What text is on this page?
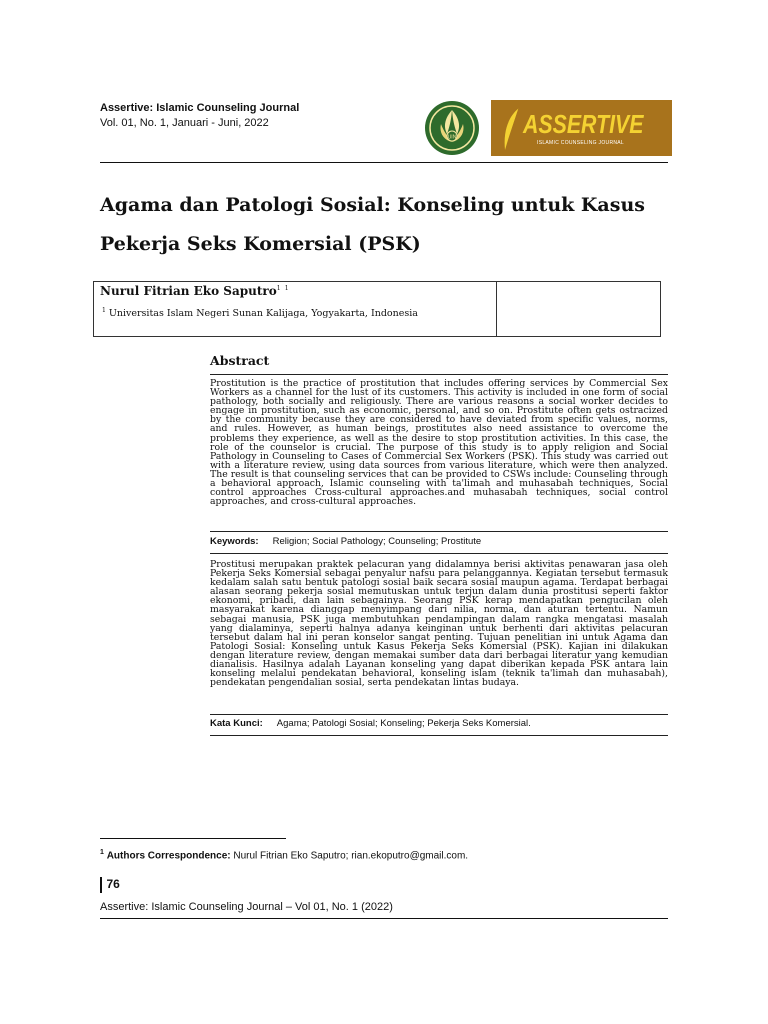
Assertive: Islamic Counseling Journal
Vol. 01, No. 1, Januari - Juni, 2022
UIN	ASSERTIVE
ISLAMIC COUNSELING JOURNAL
Agama dan Patologi Sosial: Konseling untuk Kasus Pekerja Seks Komersial (PSK)
Nurul Fitrian Eko Saputro$^1$ $^1$
$^1$ Universitas Islam Negeri Sunan Kalijaga, Yogyakarta, Indonesia
Abstract
Prostitution is the practice of prostitution that includes offering services by Commercial Sex Workers as a channel for the lust of its customers. This activity is included in one form of social pathology, both socially and religiously. There are various reasons a social worker decides to engage in prostitution, such as economic, personal, and so on. Prostitute often gets ostracized by the community because they are considered to have deviated from specific values, norms, and rules. However, as human beings, prostitutes also need assistance to overcome the problems they experience, as well as the desire to stop prostitution activities. In this case, the role of the counselor is crucial. The purpose of this study is to apply religion and Social Pathology in Counseling to Cases of Commercial Sex Workers (PSK). This study was carried out with a literature review, using data sources from various literature, which were then analyzed. The result is that counseling services that can be provided to CSWs include: Counseling through a behavioral approach, Islamic counseling with ta'limah and muhasabah techniques, Social control approaches Cross-cultural approaches.and muhasabah techniques, social control approaches, and cross-cultural approaches.
Keywords: Religion; Social Pathology; Counseling; Prostitute
Prostitusi merupakan praktek pelacuran yang didalamnya berisi aktivitas penawaran jasa oleh Pekerja Seks Komersial sebagai penyalur nafsu para pelanggannya. Kegiatan tersebut termasuk kedalam salah satu bentuk patologi sosial baik secara sosial maupun agama. Terdapat berbagai alasan seorang pekerja sosial memutuskan untuk terjun dalam dunia prostitusi seperti faktor ekonomi, pribadi, dan lain sebagainya. Seorang PSK kerap mendapatkan pengucilan oleh masyarakat karena dianggap menyimpang dari nilia, norma, dan aturan tertentu. Namun sebagai manusia, PSK juga membutuhkan pendampingan dalam rangka mengatasi masalah yang dialaminya, seperti halnya adanya keinginan untuk berhenti dari aktivitas pelacuran tersebut dalam hal ini peran konselor sangat penting. Tujuan penelitian ini untuk Agama dan Patologi Sosial: Konseling untuk Kasus Pekerja Seks Komersial (PSK). Kajian ini dilakukan dengan literature review, dengan memakai sumber data dari berbagai literatur yang kemudian dianalisis. Hasilnya adalah Layanan konseling yang dapat diberikan kepada PSK antara lain konseling melalui pendekatan behavioral, konseling islam (teknik ta'limah dan muhasabah), pendekatan pengendalian sosial, serta pendekatan lintas budaya.
Kata Kunci: Agama; Patologi Sosial; Konseling; Pekerja Seks Komersial.
$^1$ Authors Correspondence: Nurul Fitrian Eko Saputro; rian.ekoputro@gmail.com.
76
Assertive: Islamic Counseling Journal – Vol 01, No. 1 (2022)
